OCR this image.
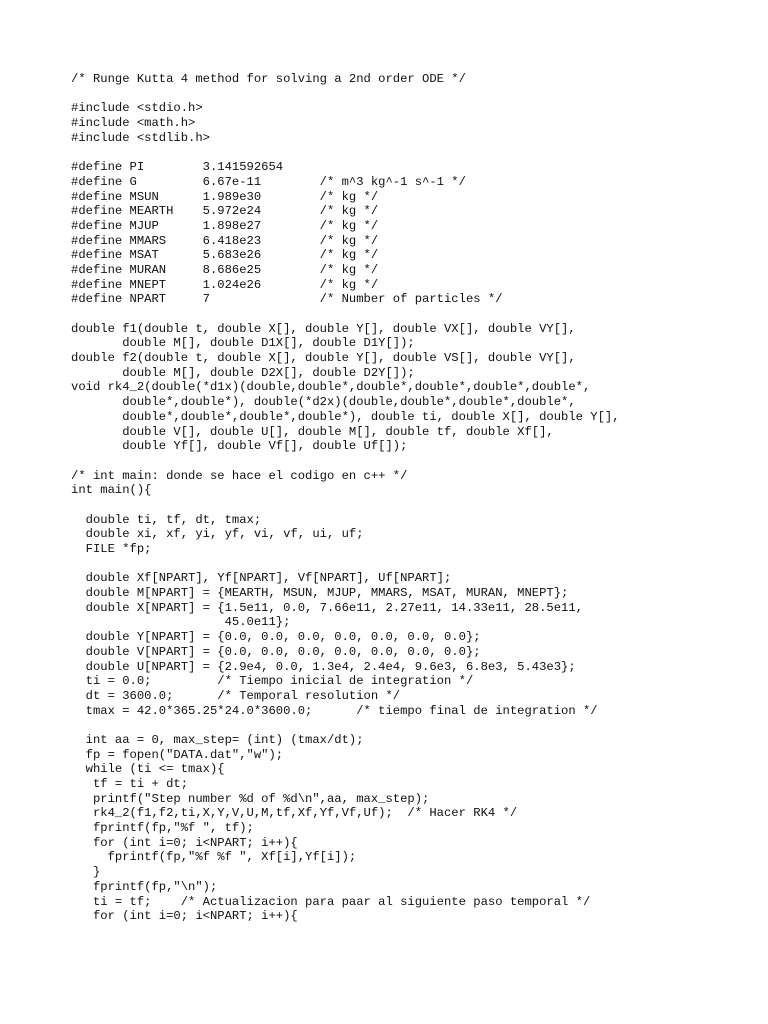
/* Runge Kutta 4 method for solving a 2nd order ODE */
#include <stdio.h>
#include <math.h>
#include <stdlib.h>
#define PI        3.141592654
#define G         6.67e-11        /* m^3 kg^-1 s^-1 */
#define MSUN      1.989e30        /* kg */
#define MEARTH    5.972e24        /* kg */
#define MJUP      1.898e27        /* kg */
#define MMARS     6.418e23        /* kg */
#define MSAT      5.683e26        /* kg */
#define MURAN     8.686e25        /* kg */
#define MNEPT     1.024e26        /* kg */
#define NPART     7               /* Number of particles */
double f1(double t, double X[], double Y[], double VX[], double VY[],
double M[], double D1X[], double D1Y[]);
double f2(double t, double X[], double Y[], double VS[], double VY[],
double M[], double D2X[], double D2Y[]);
void rk4_2(double(*d1x)(double,double*,double*,double*,double*,double*,
double*,double*), double(*d2x)(double,double*,double*,double*,
double*,double*,double*,double*), double ti, double X[], double Y[],
double V[], double U[], double M[], double tf, double Xf[],
double Yf[], double Vf[], double Uf[]);
/* int main: donde se hace el codigo en c++ */
int main(){
double ti, tf, dt, tmax;
double xi, xf, yi, yf, vi, vf, ui, uf;
FILE *fp;
double Xf[NPART], Yf[NPART], Vf[NPART], Uf[NPART];
double M[NPART] = {MEARTH, MSUN, MJUP, MMARS, MSAT, MURAN, MNEPT};
double X[NPART] = {1.5e11, 0.0, 7.66e11, 2.27e11, 14.33e11, 28.5e11,
45.0e11};
double Y[NPART] = {0.0, 0.0, 0.0, 0.0, 0.0, 0.0, 0.0};
double V[NPART] = {0.0, 0.0, 0.0, 0.0, 0.0, 0.0, 0.0};
double U[NPART] = {2.9e4, 0.0, 1.3e4, 2.4e4, 9.6e3, 6.8e3, 5.43e3};
ti = 0.0;         /* Tiempo inicial de integration */
dt = 3600.0;      /* Temporal resolution */
tmax = 42.0*365.25*24.0*3600.0;      /* tiempo final de integration */
int aa = 0, max_step= (int) (tmax/dt);
fp = fopen("DATA.dat","w");
while (ti <= tmax){
tf = ti + dt;
printf("Step number %d of %d\n",aa, max_step);
rk4_2(f1,f2,ti,X,Y,V,U,M,tf,Xf,Yf,Vf,Uf);  /* Hacer RK4 */
fprintf(fp,"%f ", tf);
for (int i=0; i<NPART; i++){
fprintf(fp,"%f %f ", Xf[i],Yf[i]);
}
fprintf(fp,"\n");
ti = tf;    /* Actualizacion para paar al siguiente paso temporal */
for (int i=0; i<NPART; i++){
